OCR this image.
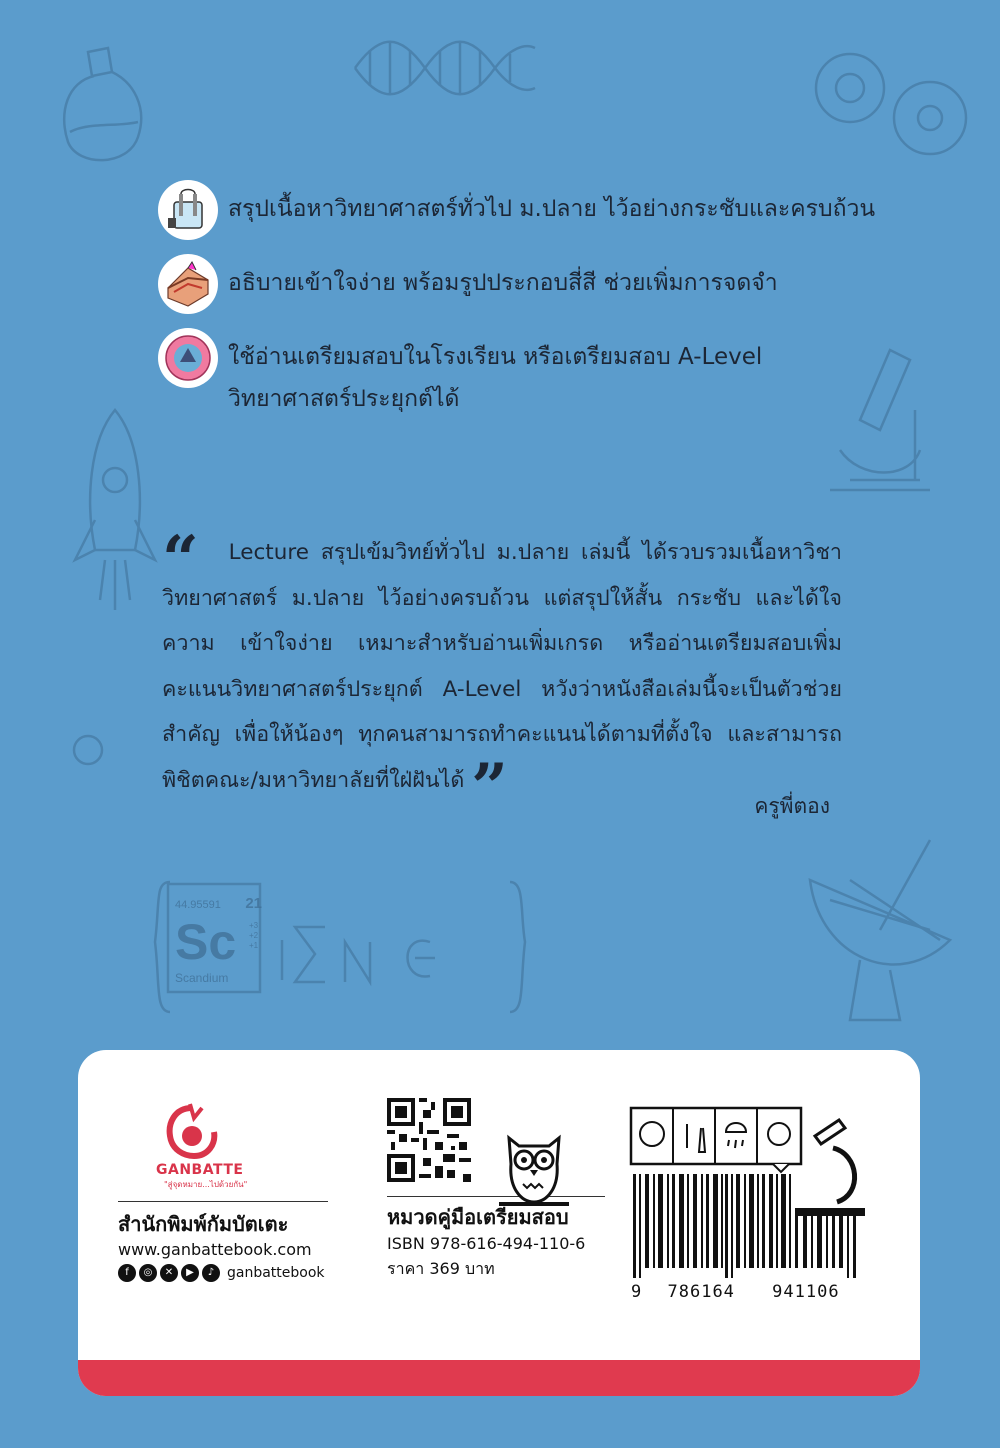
44.95591 21
Sc
Scandium
+3 +2 +1
สรุปเนื้อหาวิทยาศาสตร์ทั่วไป ม.ปลาย ไว้อย่างกระชับและครบถ้วน
อธิบายเข้าใจง่าย พร้อมรูปประกอบสี่สี ช่วยเพิ่มการจดจำ
ใช้อ่านเตรียมสอบในโรงเรียน หรือเตรียมสอบ A-Level วิทยาศาสตร์ประยุกต์ได้
“ Lecture สรุปเข้มวิทย์ทั่วไป ม.ปลาย เล่มนี้ ได้รวบรวมเนื้อหาวิชาวิทยาศาสตร์ ม.ปลาย ไว้อย่างครบถ้วน แต่สรุปให้สั้น กระชับ และได้ใจความ เข้าใจง่าย เหมาะสำหรับอ่านเพิ่มเกรด หรืออ่านเตรียมสอบเพิ่มคะแนนวิทยาศาสตร์ประยุกต์ A-Level หวังว่าหนังสือเล่มนี้จะเป็นตัวช่วยสำคัญ เพื่อให้น้องๆ ทุกคนสามารถทำคะแนนได้ตามที่ตั้งใจ และสามารถพิชิตคณะ/มหาวิทยาลัยที่ใฝ่ฝันได้ ”	ครูพี่ตอง
GANBATTE
"สู่จุดหมาย...ไปด้วยกัน"
สำนักพิมพ์กัมบัตเตะ
www.ganbattebook.com
f	◎	✕	▶	♪ ganbattebook
หมวดคู่มือเตรียมสอบ
ISBN 978-616-494-110-6
ราคา 369 บาท
9 786164 941106
